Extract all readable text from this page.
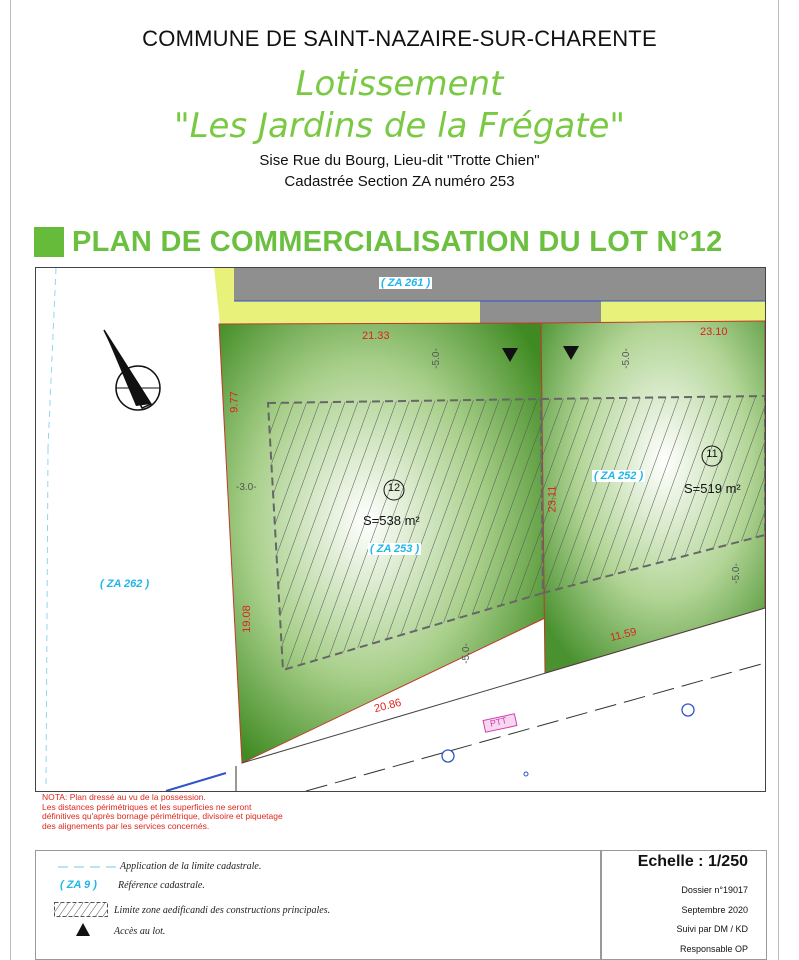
COMMUNE DE SAINT-NAZAIRE-SUR-CHARENTE
Lotissement
"Les Jardins de la Frégate"
Sise Rue du Bourg, Lieu-dit "Trotte Chien"
Cadastrée Section ZA numéro 253
PLAN DE COMMERCIALISATION DU LOT N°12
( ZA 261 )
( ZA 262 )
( ZA 252 )
( ZA 253 )
12
S=538 m²
11
S=519 m²
21.33	23.10
9.77
19.08
23.11
20.86
11.59
-5.0-	-5.0-
-3.0-
-5.0-
-5.0-
PTT
NOTA: Plan dressé au vu de la possession.
Les distances périmétriques et les superficies ne seront
définitives qu'après bornage périmétrique, divisoire et piquetage
des alignements par les services concernés.
Application de la limite cadastrale.
( ZA 9 ) Référence cadastrale.
Limite zone aedificandi des constructions principales.
Accès au lot.
Echelle : 1/250
Dossier n°19017
Septembre 2020
Suivi par DM / KD
Responsable OP
